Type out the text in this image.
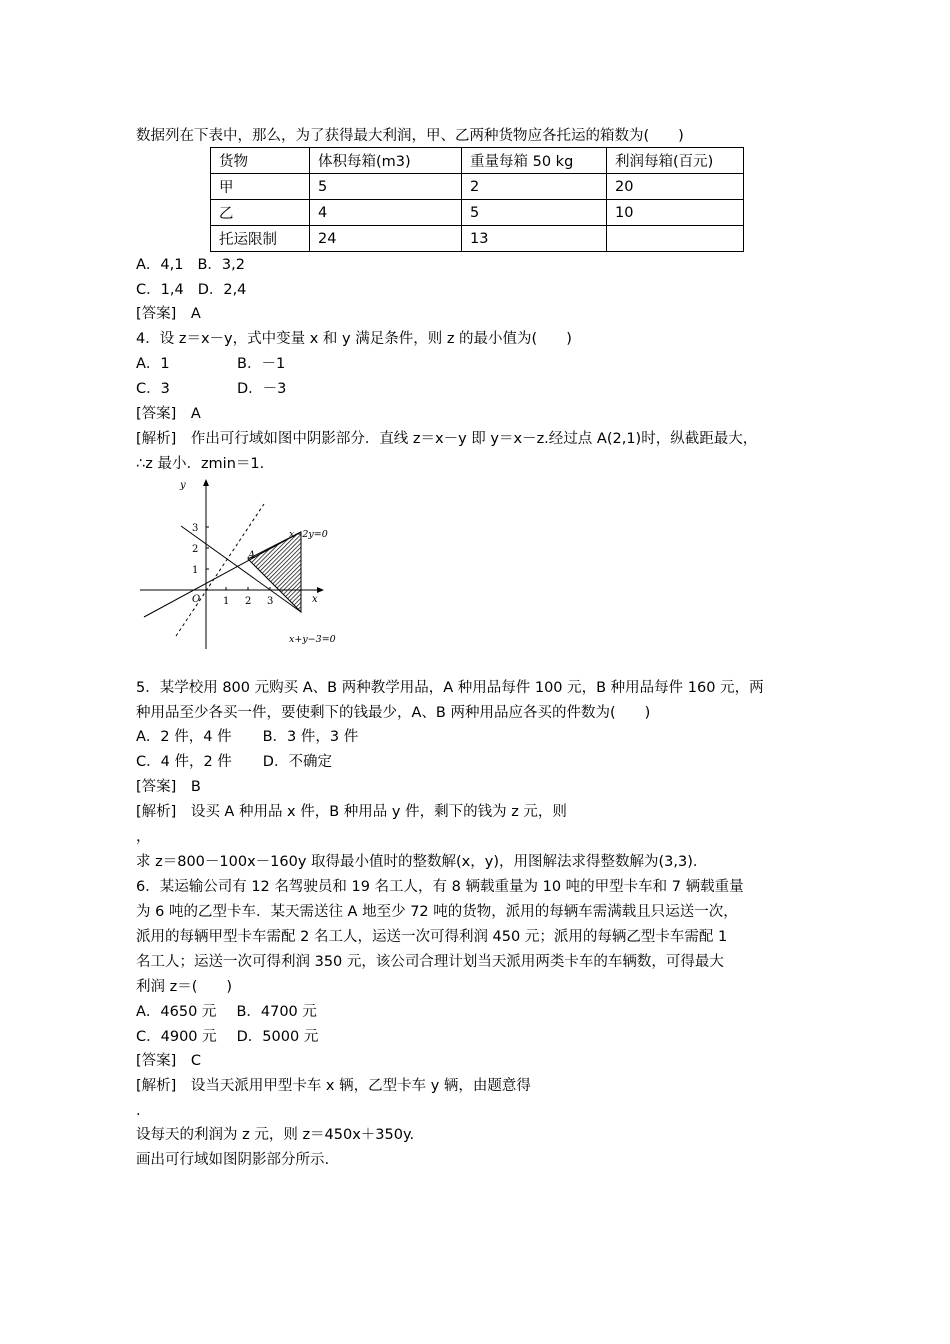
数据列在下表中，那么，为了获得最大利润，甲、乙两种货物应各托运的箱数为(　　)
货物	体积每箱(m3)	重量每箱 50 kg	利润每箱(百元)
甲	5	2	20
乙	4	5	10
托运限制	24	13	
A．4,1 B．3,2
C．1,4 D．2,4
[答案]　A
4．设 z＝x－y，式中变量 x 和 y 满足条件，则 z 的最小值为(　　)
A．1	B．－1
C．3	D．－3
[答案]　A
[解析]　作出可行域如图中阴影部分．直线 z＝x－y 即 y＝x－z.经过点 A(2,1)时，纵截距最大，
∴z 最小．zmin＝1.
y
x
O 1 2 3
1
2
3
A
x−2y=0
x+y−3=0
5．某学校用 800 元购买 A、B 两种教学用品，A 种用品每件 100 元，B 种用品每件 160 元，两
种用品至少各买一件，要使剩下的钱最少，A、B 两种用品应各买的件数为(　　)
A．2 件，4 件 B．3 件，3 件
C．4 件，2 件 D．不确定
[答案]　B
[解析]　设买 A 种用品 x 件，B 种用品 y 件，剩下的钱为 z 元，则
，
求 z＝800－100x－160y 取得最小值时的整数解(x，y)，用图解法求得整数解为(3,3)．
6．某运输公司有 12 名驾驶员和 19 名工人，有 8 辆载重量为 10 吨的甲型卡车和 7 辆载重量
为 6 吨的乙型卡车．某天需送往 A 地至少 72 吨的货物，派用的每辆车需满载且只运送一次，
派用的每辆甲型卡车需配 2 名工人，运送一次可得利润 450 元；派用的每辆乙型卡车需配 1
名工人；运送一次可得利润 350 元，该公司合理计划当天派用两类卡车的车辆数，可得最大
利润 z＝(　　)
A．4650 元 B．4700 元
C．4900 元 D．5000 元
[答案]　C
[解析]　设当天派用甲型卡车 x 辆，乙型卡车 y 辆，由题意得
.
设每天的利润为 z 元，则 z＝450x＋350y.
画出可行域如图阴影部分所示.
